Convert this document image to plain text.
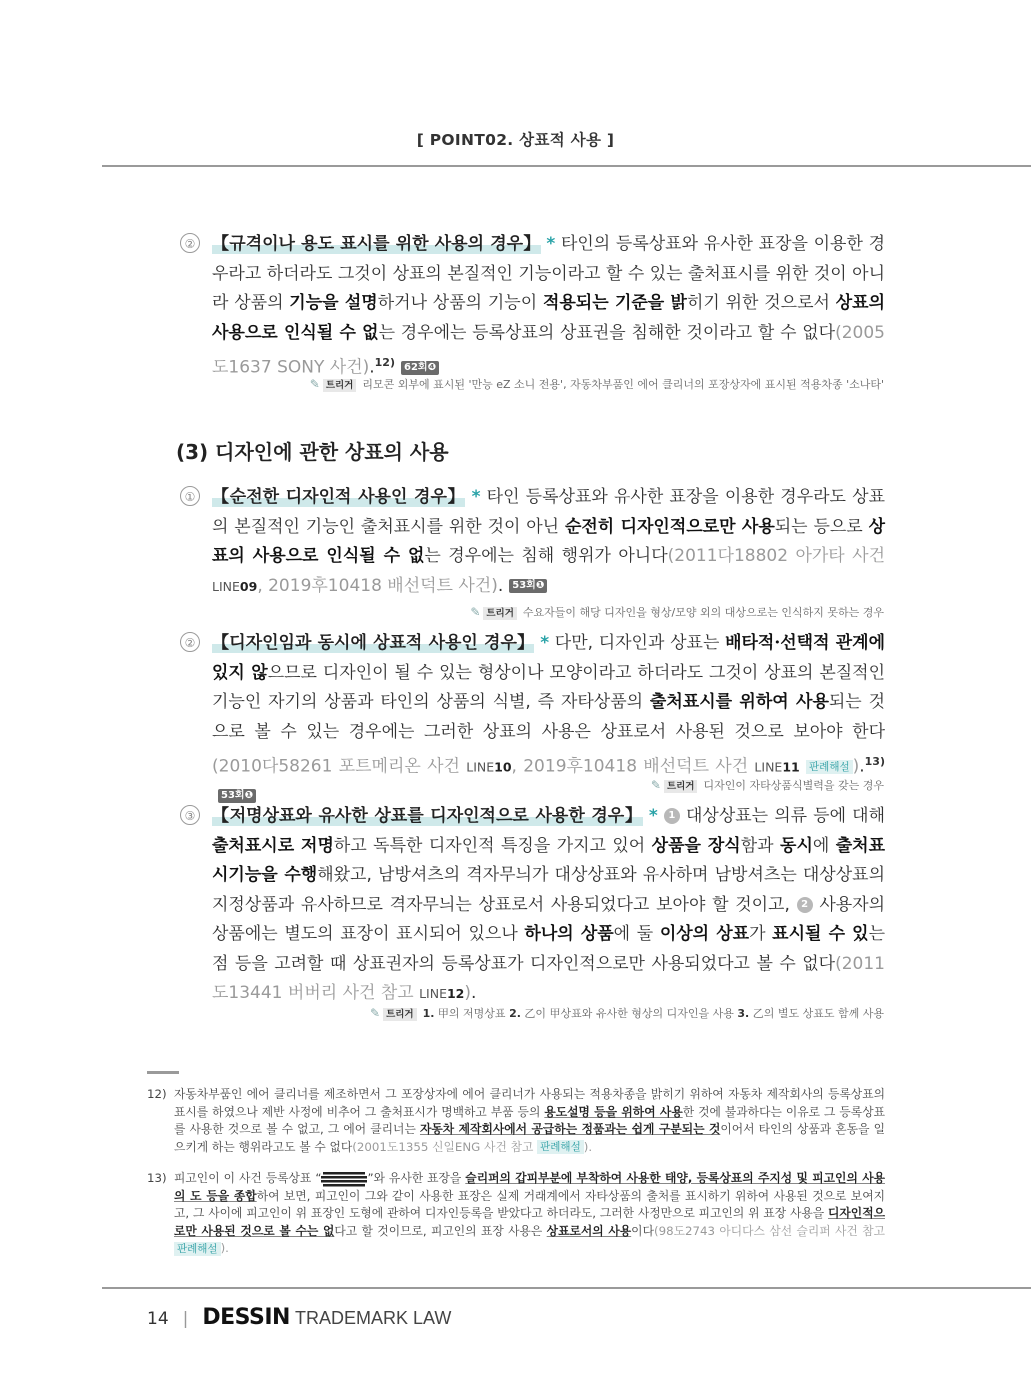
[ POINT02. 상표적 사용 ]
② 【규격이나 용도 표시를 위한 사용의 경우】 * 타인의 등록상표와 유사한 표장을 이용한 경우라고 하더라도 그것이 상표의 본질적인 기능이라고 할 수 있는 출처표시를 위한 것이 아니라 상품의 기능을 설명하거나 상품의 기능이 적용되는 기준을 밝히기 위한 것으로서 상표의 사용으로 인식될 수 없는 경우에는 등록상표의 상표권을 침해한 것이라고 할 수 없다(2005도1637 SONY 사건).$^{12)}$ 62회❹
✎ 트리거 리모콘 외부에 표시된 '만능 eZ 소니 전용', 자동차부품인 에어 클리너의 포장상자에 표시된 적용차종 '소나타'
(3) 디자인에 관한 상표의 사용
① 【순전한 디자인적 사용인 경우】 * 타인 등록상표와 유사한 표장을 이용한 경우라도 상표의 본질적인 기능인 출처표시를 위한 것이 아닌 순전히 디자인적으로만 사용되는 등으로 상표의 사용으로 인식될 수 없는 경우에는 침해 행위가 아니다(2011다18802 아가타 사건 LINE09, 2019후10418 배선덕트 사건). 53회❶
✎ 트리거 수요자들이 해당 디자인을 형상/모양 외의 대상으로는 인식하지 못하는 경우
② 【디자인임과 동시에 상표적 사용인 경우】 * 다만, 디자인과 상표는 배타적·선택적 관계에 있지 않으므로 디자인이 될 수 있는 형상이나 모양이라고 하더라도 그것이 상표의 본질적인 기능인 자기의 상품과 타인의 상품의 식별, 즉 자타상품의 출처표시를 위하여 사용되는 것으로 볼 수 있는 경우에는 그러한 상표의 사용은 상표로서 사용된 것으로 보아야 한다(2010다58261 포트메리온 사건 LINE10, 2019후10418 배선덕트 사건 LINE11 판례해설 ).$^{13)}$53회❶
✎ 트리거 디자인이 자타상품식별력을 갖는 경우
③ 【저명상표와 유사한 상표를 디자인적으로 사용한 경우】 * 1 대상상표는 의류 등에 대해 출처표시로 저명하고 독특한 디자인적 특징을 가지고 있어 상품을 장식함과 동시에 출처표시기능을 수행해왔고, 남방셔츠의 격자무늬가 대상상표와 유사하며 남방셔츠는 대상상표의 지정상품과 유사하므로 격자무늬는 상표로서 사용되었다고 보아야 할 것이고, 2 사용자의 상품에는 별도의 표장이 표시되어 있으나 하나의 상품에 둘 이상의 상표가 표시될 수 있는 점 등을 고려할 때 상표권자의 등록상표가 디자인적으로만 사용되었다고 볼 수 없다(2011도13441 버버리 사건 참고 LINE12).
✎ 트리거 1. 甲의 저명상표 2. 乙이 甲상표와 유사한 형상의 디자인을 사용 3. 乙의 별도 상표도 함께 사용
12) 자동차부품인 에어 클리너를 제조하면서 그 포장상자에 에어 클리너가 사용되는 적용차종을 밝히기 위하여 자동차 제작회사의 등록상표의 표시를 하였으나 제반 사정에 비추어 그 출처표시가 명백하고 부품 등의 용도설명 등을 위하여 사용한 것에 불과하다는 이유로 그 등록상표를 사용한 것으로 볼 수 없고, 그 에어 클리너는 자동차 제작회사에서 공급하는 정품과는 쉽게 구분되는 것이어서 타인의 상품과 혼동을 일으키게 하는 행위라고도 볼 수 없다(2001도1355 신일ENG 사건 참고 판례해설 ).
13) 피고인이 이 사건 등록상표 “	”와 유사한 표장을 슬리퍼의 갑피부분에 부착하여 사용한 태양, 등록상표의 주지성 및 피고인의 사용의 도 등을 종합하여 보면, 피고인이 그와 같이 사용한 표장은 실제 거래계에서 자타상품의 출처를 표시하기 위하여 사용된 것으로 보여지고, 그 사이에 피고인이 위 표장인 도형에 관하여 디자인등록을 받았다고 하더라도, 그러한 사정만으로 피고인의 위 표장 사용을 디자인적으로만 사용된 것으로 볼 수는 없다고 할 것이므로, 피고인의 표장 사용은 상표로서의 사용이다(98도2743 아디다스 삼선 슬리퍼 사건 참고 판례해설 ).
14 | DESSIN TRADEMARK LAW
